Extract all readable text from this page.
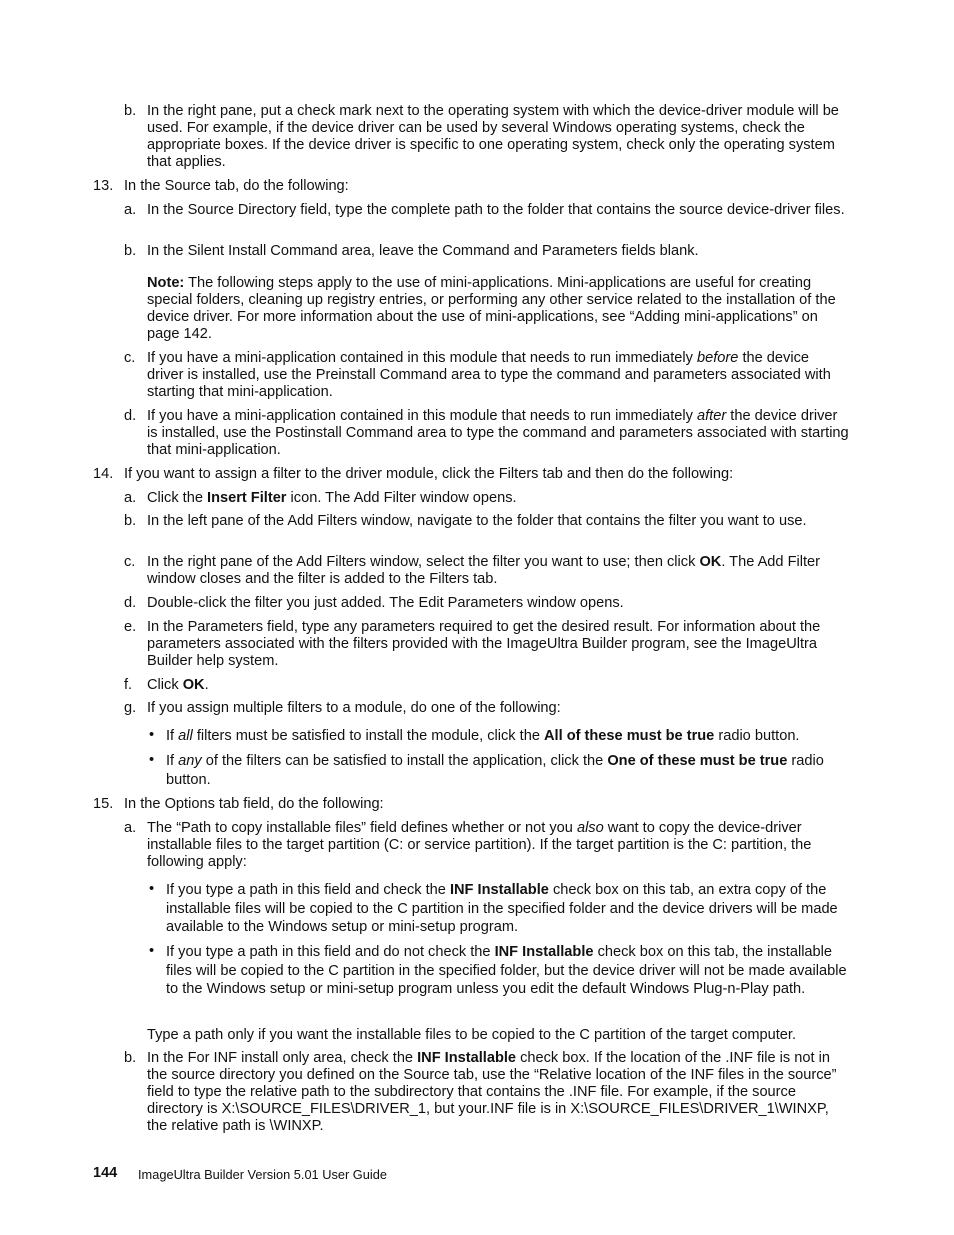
b. In the right pane, put a check mark next to the operating system with which the device-driver module will be used. For example, if the device driver can be used by several Windows operating systems, check the appropriate boxes. If the device driver is specific to one operating system, check only the operating system that applies.

13. In the Source tab, do the following:

a. In the Source Directory field, type the complete path to the folder that contains the source device-driver files.

b. In the Silent Install Command area, leave the Command and Parameters fields blank.

Note: The following steps apply to the use of mini-applications. Mini-applications are useful for creating special folders, cleaning up registry entries, or performing any other service related to the installation of the device driver. For more information about the use of mini-applications, see “Adding mini-applications” on page 142.

c. If you have a mini-application contained in this module that needs to run immediately before the device driver is installed, use the Preinstall Command area to type the command and parameters associated with starting that mini-application.

d. If you have a mini-application contained in this module that needs to run immediately after the device driver is installed, use the Postinstall Command area to type the command and parameters associated with starting that mini-application.

14. If you want to assign a filter to the driver module, click the Filters tab and then do the following:

a. Click the Insert Filter icon. The Add Filter window opens.

b. In the left pane of the Add Filters window, navigate to the folder that contains the filter you want to use.

c. In the right pane of the Add Filters window, select the filter you want to use; then click OK. The Add Filter window closes and the filter is added to the Filters tab.

d. Double-click the filter you just added. The Edit Parameters window opens.

e. In the Parameters field, type any parameters required to get the desired result. For information about the parameters associated with the filters provided with the ImageUltra Builder program, see the ImageUltra Builder help system.

f. Click OK.

g. If you assign multiple filters to a module, do one of the following:

• If all filters must be satisfied to install the module, click the All of these must be true radio button.

• If any of the filters can be satisfied to install the application, click the One of these must be true radio button.

15. In the Options tab field, do the following:

a. The “Path to copy installable files” field defines whether or not you also want to copy the device-driver installable files to the target partition (C: or service partition). If the target partition is the C: partition, the following apply:

• If you type a path in this field and check the INF Installable check box on this tab, an extra copy of the installable files will be copied to the C partition in the specified folder and the device drivers will be made available to the Windows setup or mini-setup program.

• If you type a path in this field and do not check the INF Installable check box on this tab, the installable files will be copied to the C partition in the specified folder, but the device driver will not be made available to the Windows setup or mini-setup program unless you edit the default Windows Plug-n-Play path.

Type a path only if you want the installable files to be copied to the C partition of the target computer.

b. In the For INF install only area, check the INF Installable check box. If the location of the .INF file is not in the source directory you defined on the Source tab, use the “Relative location of the INF files in the source” field to type the relative path to the subdirectory that contains the .INF file. For example, if the source directory is X:\SOURCE_FILES\DRIVER_1, but your.INF file is in X:\SOURCE_FILES\DRIVER_1\WINXP, the relative path is \WINXP.

144 ImageUltra Builder Version 5.01 User Guide
